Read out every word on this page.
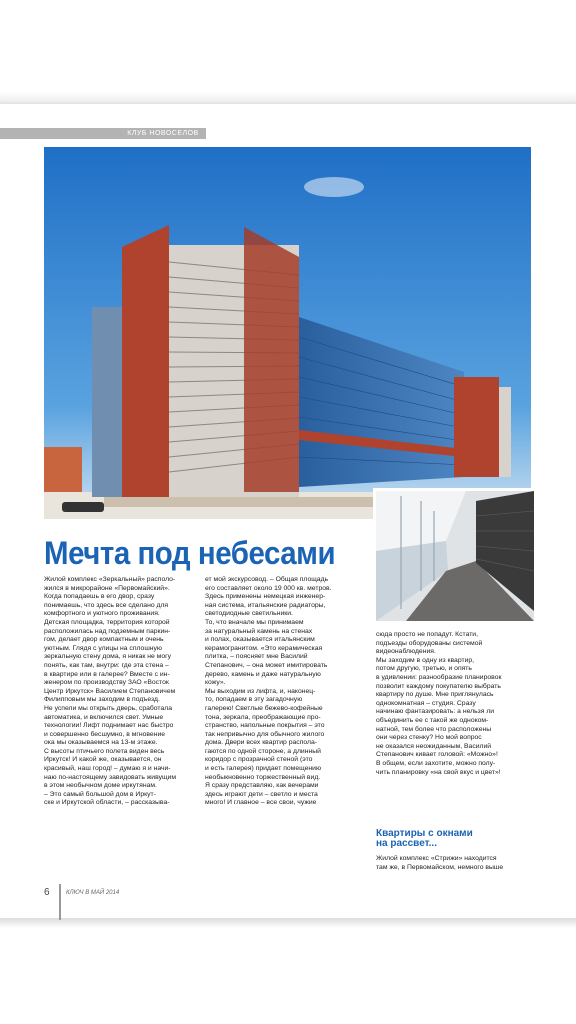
КЛУБ НОВОСЕЛОВ
Мечта под небесами

Жилой комплекс «Зеркальный» располо-
жился в микрорайоне «Первомайский».
Когда попадаешь в его двор, сразу
понимаешь, что здесь все сделано для
комфортного и уютного проживания.
Детская площадка, территория которой
расположилась над подземным паркин-
гом, делает двор компактным и очень
уютным. Глядя с улицы на сплошную
зеркальную стену дома, я никак не могу
понять, как там, внутри: где эта стена –
в квартире или в галерее? Вместе с ин-
женером по производству ЗАО «Восток
Центр Иркутск» Василием Степановичем
Филипповым мы заходим в подъезд.
Не успели мы открыть дверь, сработала
автоматика, и включился свет. Умные
технологии! Лифт поднимает нас быстро
и совершенно бесшумно, в мгновение
ока мы оказываемся на 13-м этаже.
С высоты птичьего полета виден весь
Иркутск! И какой же, оказывается, он
красивый, наш город! – думаю я и начи-
наю по-настоящему завидовать живущим
в этом необычном доме иркутянам.
– Это самый большой дом в Иркут-
ске и Иркутской области, – рассказыва-

ет мой экскурсовод. – Общая площадь
его составляет около 19 000 кв. метров.
Здесь применены немецкая инженер-
ная система, итальянские радиаторы,
светодиодные светильники.
То, что вначале мы принимаем
за натуральный камень на стенах
и полах, оказывается итальянским
керамогранитом. «Это керамическая
плитка, – поясняет мне Василий
Степанович, – она может имитировать
дерево, камень и даже натуральную
кожу».
Мы выходим из лифта, и, наконец-
то, попадаем в эту загадочную
галерею! Светлые бежево-кофейные
тона, зеркала, преображающие про-
странство, напольные покрытия – это
так непривычно для обычного жилого
дома. Двери всех квартир распола-
гаются по одной стороне, а длинный
коридор с прозрачной стеной (это
и есть галерея) придает помещению
необыкновенно торжественный вид.
Я сразу представляю, как вечерами
здесь играют дети – светло и места
много! И главное – все свои, чужие

сюда просто не попадут. Кстати,
подъезды оборудованы системой
видеонаблюдения.
Мы заходим в одну из квартир,
потом другую, третью, и опять
в удивлении: разнообразие планировок
позволит каждому покупателю выбрать
квартиру по душе. Мне приглянулась
однокомнатная – студия. Сразу
начинаю фантазировать: а нельзя ли
объединить ее с такой же одноком-
натной, тем более что расположены
они через стенку? Но мой вопрос
не оказался неожиданным, Василий
Степанович кивает головой: «Можно»!
В общем, если захотите, можно полу-
чить планировку «на свой вкус и цвет»!

Квартиры с окнами
на рассвет...

Жилой комплекс «Стрижи» находится
там же, в Первомайском, немного выше

6	КЛЮЧ В МАЙ 2014
